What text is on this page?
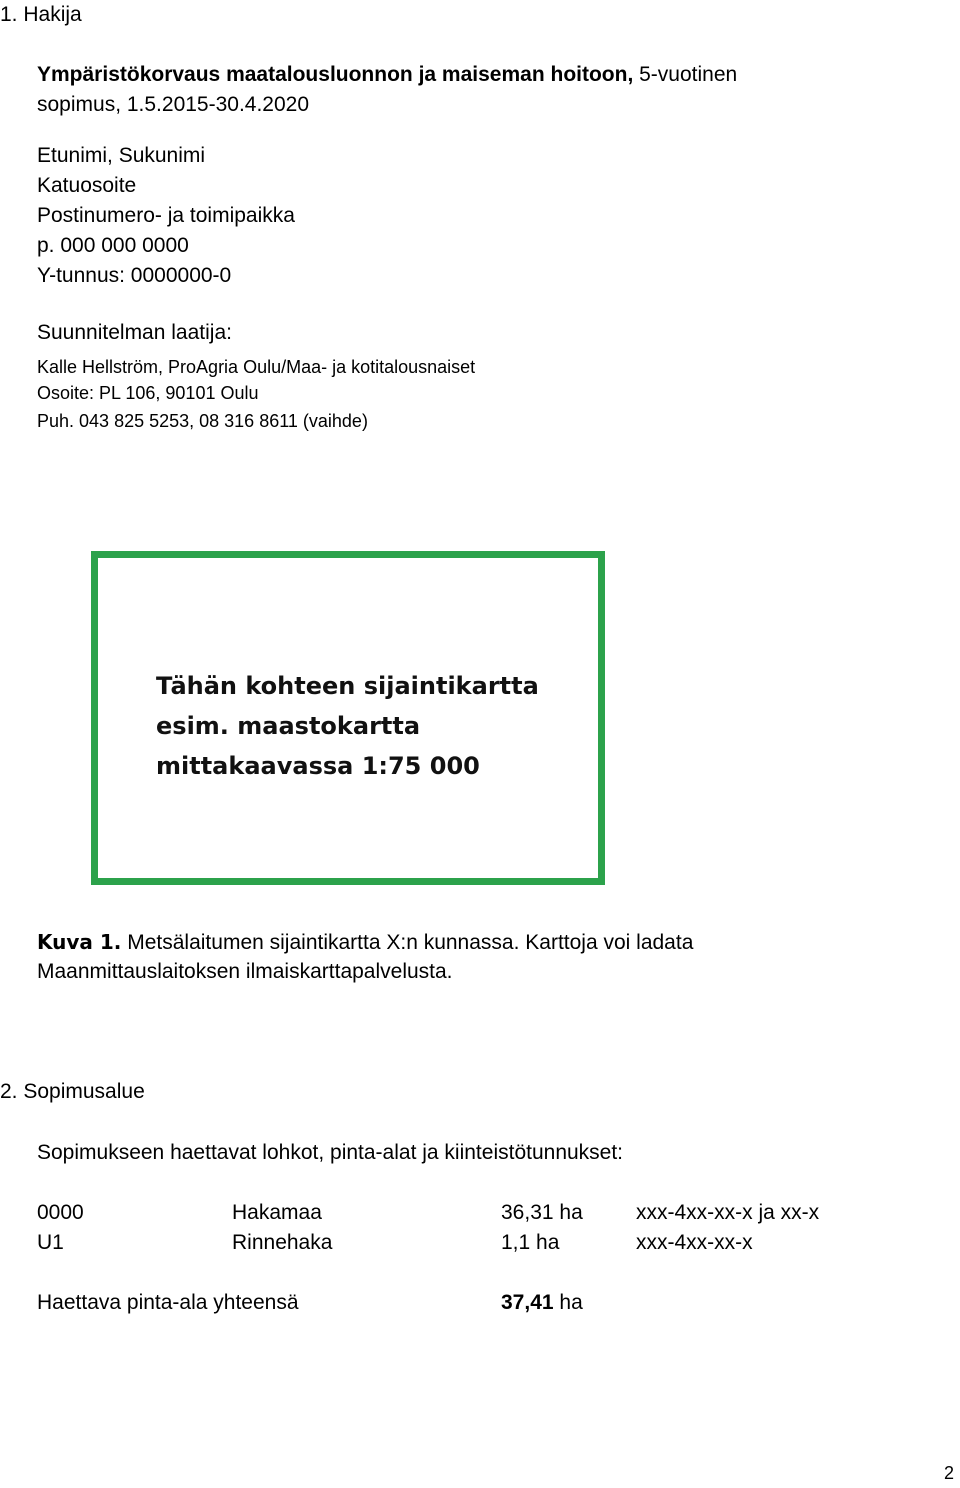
1. Hakija
Ympäristökorvaus maatalousluonnon ja maiseman hoitoon, 5-vuotinen
sopimus, 1.5.2015-30.4.2020
Etunimi, Sukunimi
Katuosoite
Postinumero- ja toimipaikka
p. 000 000 0000
Y-tunnus: 0000000-0
Suunnitelman laatija:
Kalle Hellström, ProAgria Oulu/Maa- ja kotitalousnaiset
Osoite: PL 106, 90101 Oulu
Puh. 043 825 5253, 08 316 8611 (vaihde)
Tähän kohteen sijaintikartta
esim. maastokartta
mittakaavassa 1:75 000
Kuva 1. Metsälaitumen sijaintikartta X:n kunnassa. Karttoja voi ladata
Maanmittauslaitoksen ilmaiskarttapalvelusta.
2. Sopimusalue
Sopimukseen haettavat lohkot, pinta-alat ja kiinteistötunnukset:
0000	Hakamaa	36,31 ha	xxx-4xx-xx-x ja xx-x
U1	Rinnehaka	1,1 ha	xxx-4xx-xx-x
Haettava pinta-ala yhteensä	37,41 ha
2
